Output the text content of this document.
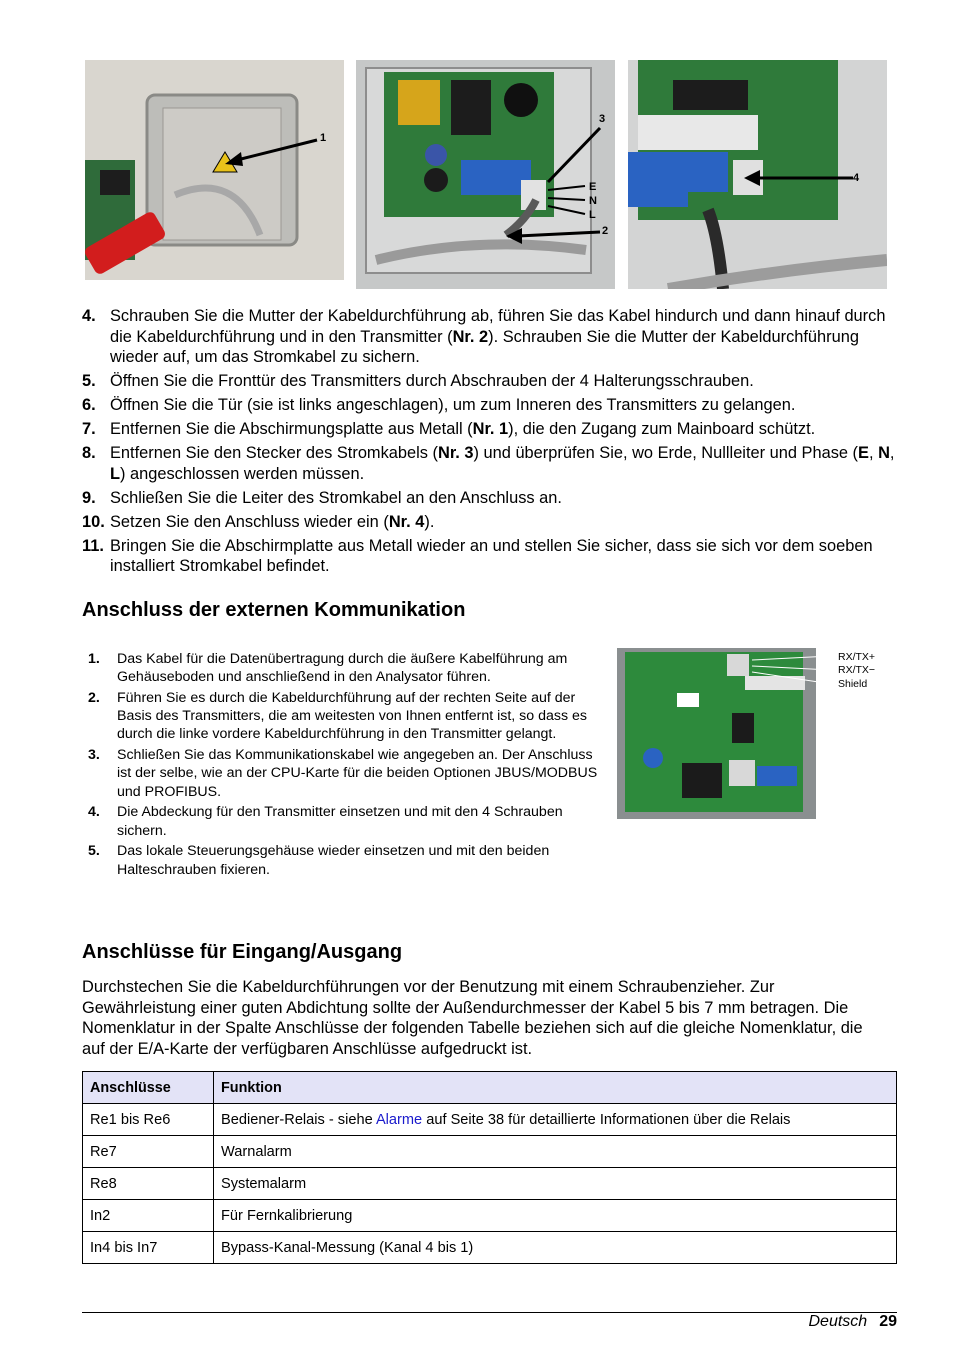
1
3
E
N
L
2
4
4. Schrauben Sie die Mutter der Kabeldurchführung ab, führen Sie das Kabel hindurch und dann hinauf durch die Kabeldurchführung und in den Transmitter (Nr. 2). Schrauben Sie die Mutter der Kabeldurchführung wieder auf, um das Stromkabel zu sichern.
5. Öffnen Sie die Fronttür des Transmitters durch Abschrauben der 4 Halterungsschrauben.
6. Öffnen Sie die Tür (sie ist links angeschlagen), um zum Inneren des Transmitters zu gelangen.
7. Entfernen Sie die Abschirmungsplatte aus Metall (Nr. 1), die den Zugang zum Mainboard schützt.
8. Entfernen Sie den Stecker des Stromkabels (Nr. 3) und überprüfen Sie, wo Erde, Nullleiter und Phase (E, N, L) angeschlossen werden müssen.
9. Schließen Sie die Leiter des Stromkabel an den Anschluss an.
10. Setzen Sie den Anschluss wieder ein (Nr. 4).
11. Bringen Sie die Abschirmplatte aus Metall wieder an und stellen Sie sicher, dass sie sich vor dem soeben installiert Stromkabel befindet.
Anschluss der externen Kommunikation
1.	Das Kabel für die Datenübertragung durch die äußere Kabelführung am Gehäuseboden und anschließend in den Analysator führen.
2.	Führen Sie es durch die Kabeldurchführung auf der rechten Seite auf der Basis des Transmitters, die am weitesten von Ihnen entfernt ist, so dass es durch die linke vordere Kabeldurchführung in den Transmitter gelangt.
3.	Schließen Sie das Kommunikationskabel wie angegeben an. Der Anschluss ist der selbe, wie an der CPU-Karte für die beiden Optionen JBUS/MODBUS und PROFIBUS.
4.	Die Abdeckung für den Transmitter einsetzen und mit den 4 Schrauben sichern.
5.	Das lokale Steuerungsgehäuse wieder einsetzen und mit den beiden Halteschrauben fixieren.
RX/TX+
RX/TX−
Shield
Anschlüsse für Eingang/Ausgang

Durchstechen Sie die Kabeldurchführungen vor der Benutzung mit einem Schraubenzieher. Zur Gewährleistung einer guten Abdichtung sollte der Außendurchmesser der Kabel 5 bis 7 mm betragen. Die Nomenklatur in der Spalte Anschlüsse der folgenden Tabelle beziehen sich auf die gleiche Nomenklatur, die auf der E/A-Karte der verfügbaren Anschlüsse aufgedruckt ist.

Anschlüsse	Funktion
Re1 bis Re6	Bediener-Relais - siehe Alarme auf Seite 38 für detaillierte Informationen über die Relais
Re7	Warnalarm
Re8	Systemalarm
In2	Für Fernkalibrierung
In4 bis In7	Bypass-Kanal-Messung (Kanal 4 bis 1)
Deutsch 29
